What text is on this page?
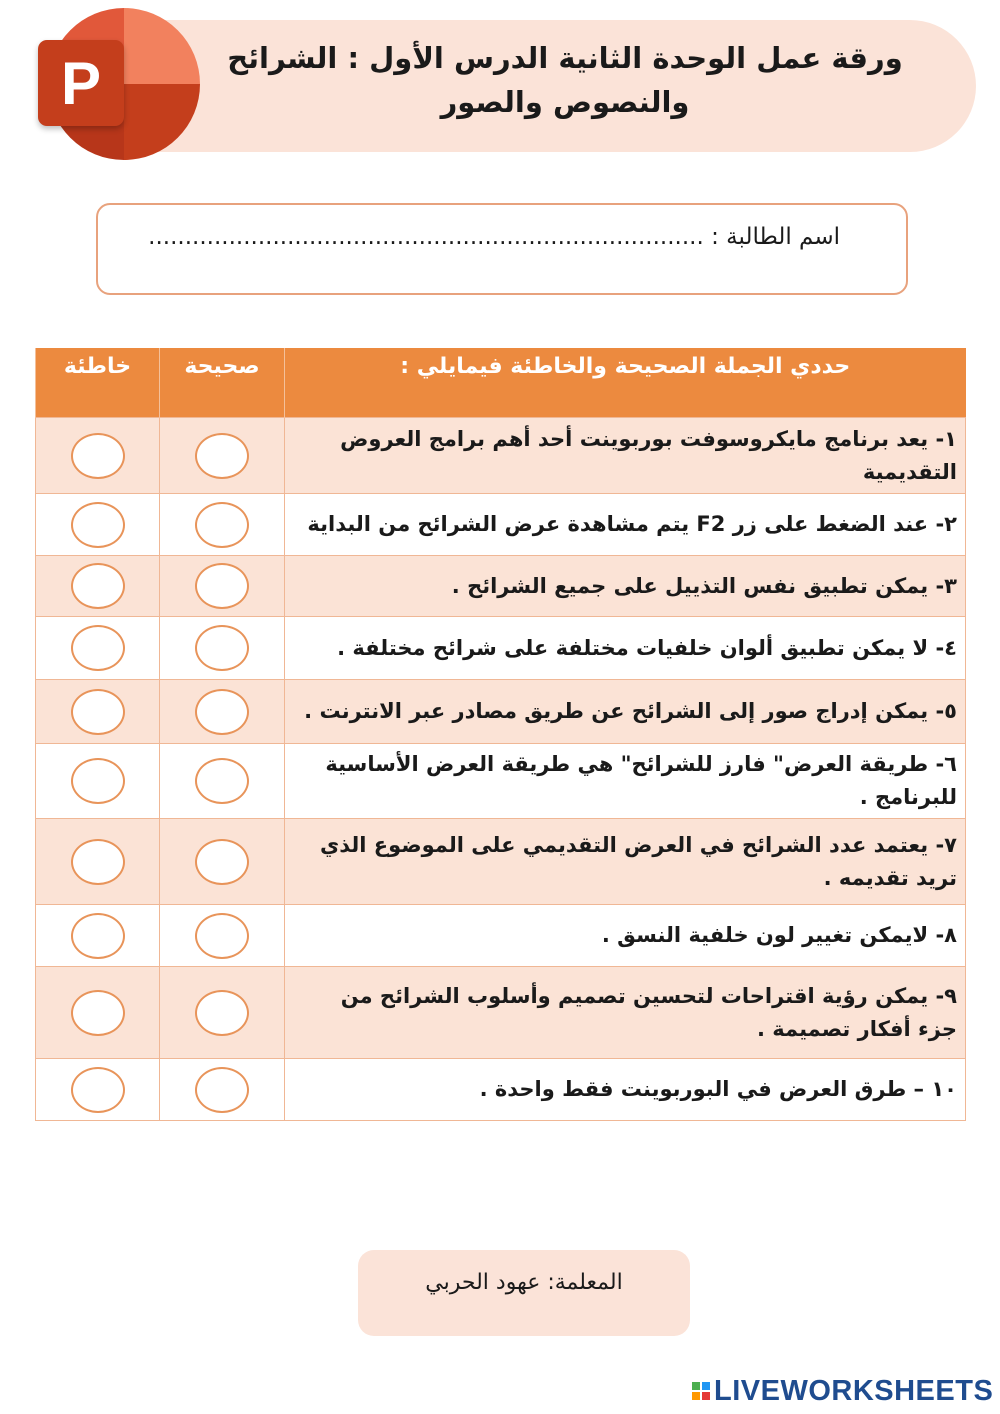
P	ورقة عمل الوحدة الثانية الدرس الأول : الشرائح والنصوص والصور
اسم الطالبة : ............................................................................
حددي الجملة الصحيحة والخاطئة فيمايلي :	صحيحة	خاطئة
١- يعد برنامج مايكروسوفت بوربوينت أحد أهم برامج العروض التقديمية		
٢- عند الضغط على زر F2 يتم مشاهدة عرض الشرائح من البداية		
٣- يمكن تطبيق نفس التذييل على جميع الشرائح .		
٤- لا يمكن تطبيق ألوان خلفيات مختلفة على شرائح مختلفة .		
٥- يمكن إدراج صور إلى الشرائح عن طريق مصادر عبر الانترنت .		
٦- طريقة العرض" فارز للشرائح" هي طريقة العرض الأساسية للبرنامج .		
٧- يعتمد عدد الشرائح في العرض التقديمي على الموضوع الذي تريد تقديمه .		
٨- لايمكن تغيير لون خلفية النسق .		
٩- يمكن رؤية اقتراحات لتحسين تصميم وأسلوب الشرائح من جزء أفكار تصميمة .		
١٠ – طرق العرض في البوربوينت فقط واحدة .		
المعلمة: عهود الحربي
LIVEWORKSHEETS
